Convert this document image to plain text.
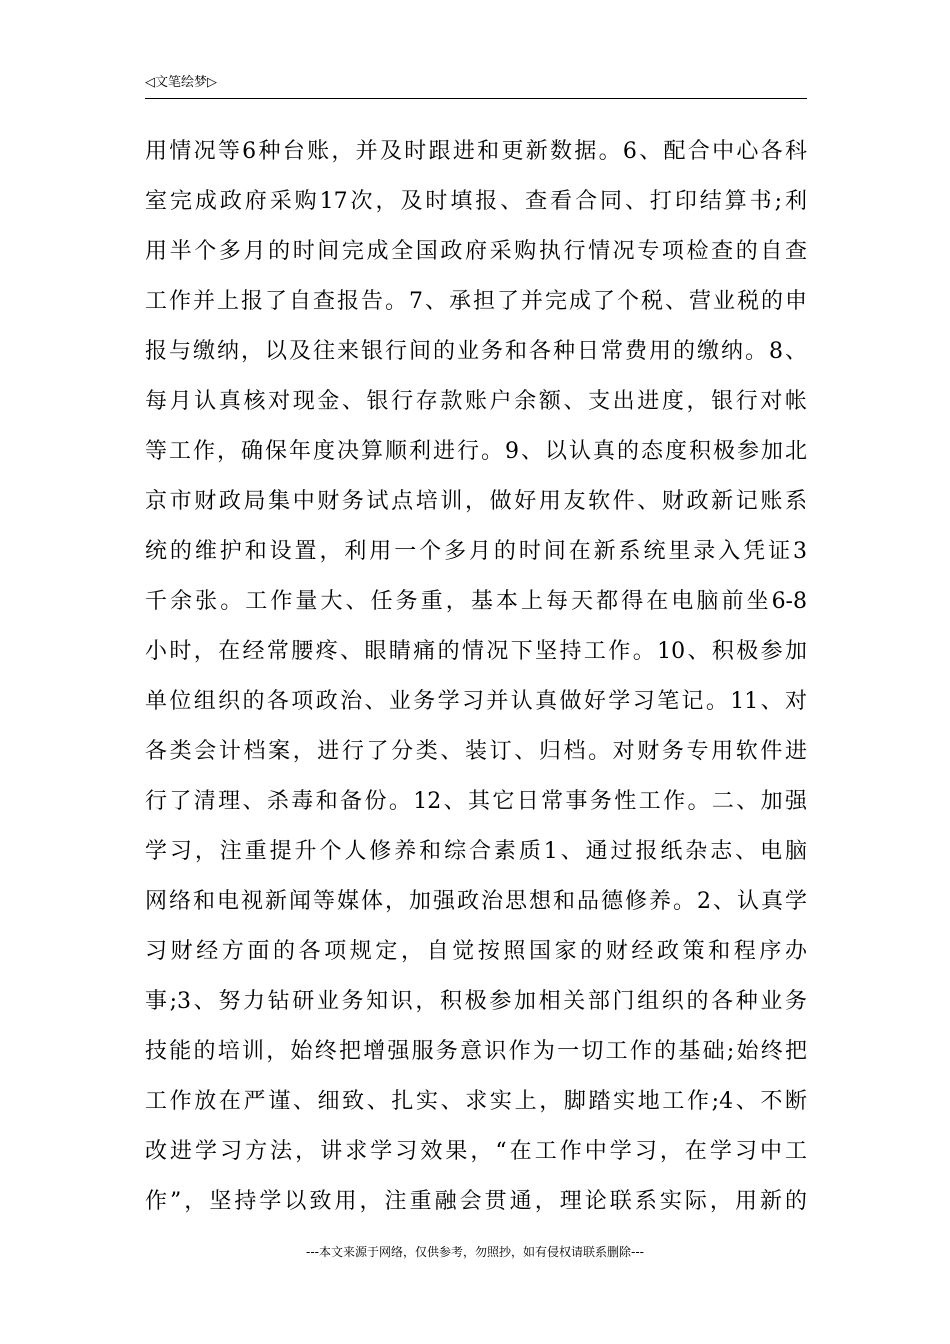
◁文笔绘梦▷
用情况等6种台账，并及时跟进和更新数据。6、配合中心各科
室完成政府采购17次，及时填报、查看合同、打印结算书;利
用半个多月的时间完成全国政府采购执行情况专项检查的自查
工作并上报了自查报告。7、承担了并完成了个税、营业税的申
报与缴纳，以及往来银行间的业务和各种日常费用的缴纳。8、
每月认真核对现金、银行存款账户余额、支出进度，银行对帐
等工作，确保年度决算顺利进行。9、以认真的态度积极参加北
京市财政局集中财务试点培训，做好用友软件、财政新记账系
统的维护和设置，利用一个多月的时间在新系统里录入凭证3
千余张。工作量大、任务重，基本上每天都得在电脑前坐6-8
小时，在经常腰疼、眼睛痛的情况下坚持工作。10、积极参加
单位组织的各项政治、业务学习并认真做好学习笔记。11、对
各类会计档案，进行了分类、装订、归档。对财务专用软件进
行了清理、杀毒和备份。12、其它日常事务性工作。二、加强
学习，注重提升个人修养和综合素质1、通过报纸杂志、电脑
网络和电视新闻等媒体，加强政治思想和品德修养。2、认真学
习财经方面的各项规定，自觉按照国家的财经政策和程序办
事;3、努力钻研业务知识，积极参加相关部门组织的各种业务
技能的培训，始终把增强服务意识作为一切工作的基础;始终把
工作放在严谨、细致、扎实、求实上，脚踏实地工作;4、不断
改进学习方法，讲求学习效果，“在工作中学习，在学习中工
作”，坚持学以致用，注重融会贯通，理论联系实际，用新的
---本文来源于网络，仅供参考，勿照抄，如有侵权请联系删除---
